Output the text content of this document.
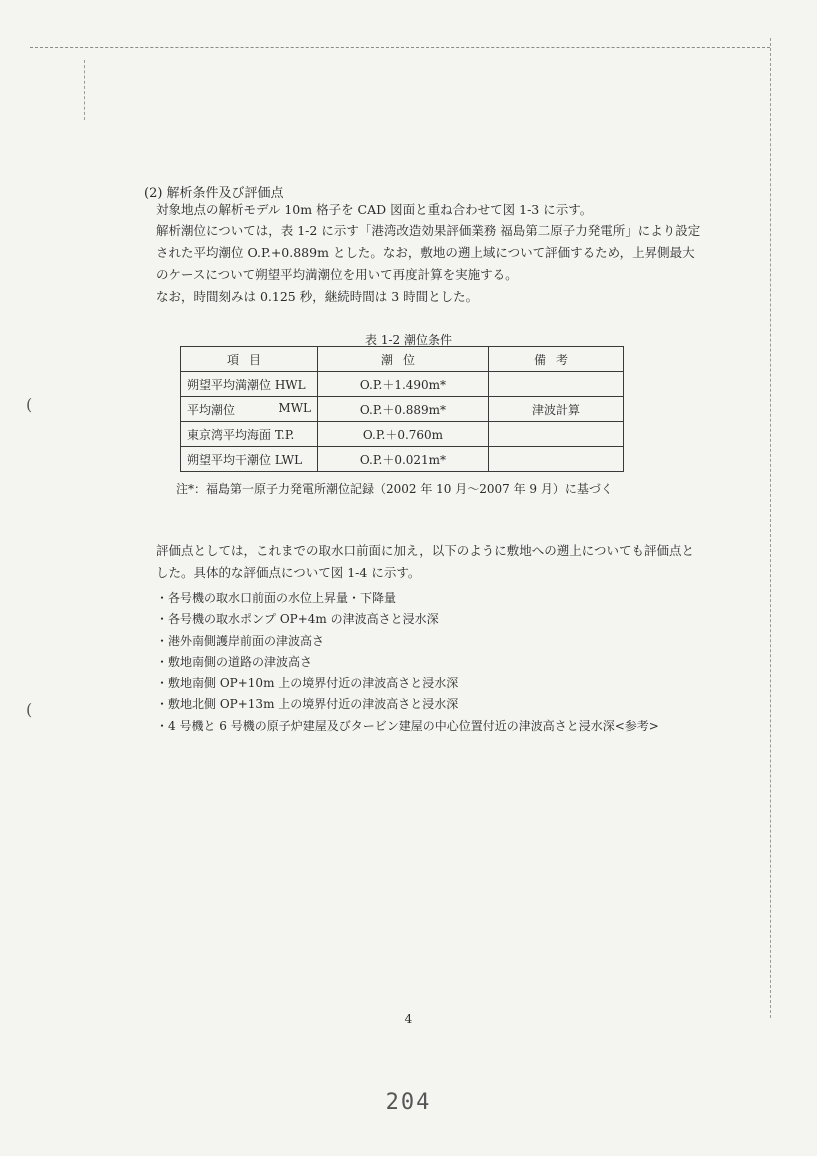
(
(
(2) 解析条件及び評価点
対象地点の解析モデル 10m 格子を CAD 図面と重ね合わせて図 1-3 に示す。
解析潮位については，表 1-2 に示す「港湾改造効果評価業務 福島第二原子力発電所」により設定された平均潮位 O.P.+0.889m とした。なお，敷地の遡上域について評価するため，上昇側最大のケースについて朔望平均満潮位を用いて再度計算を実施する。
なお，時間刻みは 0.125 秒，継続時間は 3 時間とした。
表 1-2 潮位条件
項目	潮位	備考

朔望平均満潮位 HWL	O.P.＋1.490m*	

平均潮位 MWL	O.P.＋0.889m*	津波計算

東京湾平均海面 T.P.	O.P.＋0.760m	

朔望平均干潮位 LWL	O.P.＋0.021m*	
注*：福島第一原子力発電所潮位記録（2002 年 10 月～2007 年 9 月）に基づく
評価点としては，これまでの取水口前面に加え，以下のように敷地への遡上についても評価点とした。具体的な評価点について図 1-4 に示す。
・ 各号機の取水口前面の水位上昇量・下降量
・ 各号機の取水ポンプ OP+4m の津波高さと浸水深
・ 港外南側護岸前面の津波高さ
・ 敷地南側の道路の津波高さ
・ 敷地南側 OP+10m 上の境界付近の津波高さと浸水深
・ 敷地北側 OP+13m 上の境界付近の津波高さと浸水深
・ 4 号機と 6 号機の原子炉建屋及びタービン建屋の中心位置付近の津波高さと浸水深<参考>
4
204
